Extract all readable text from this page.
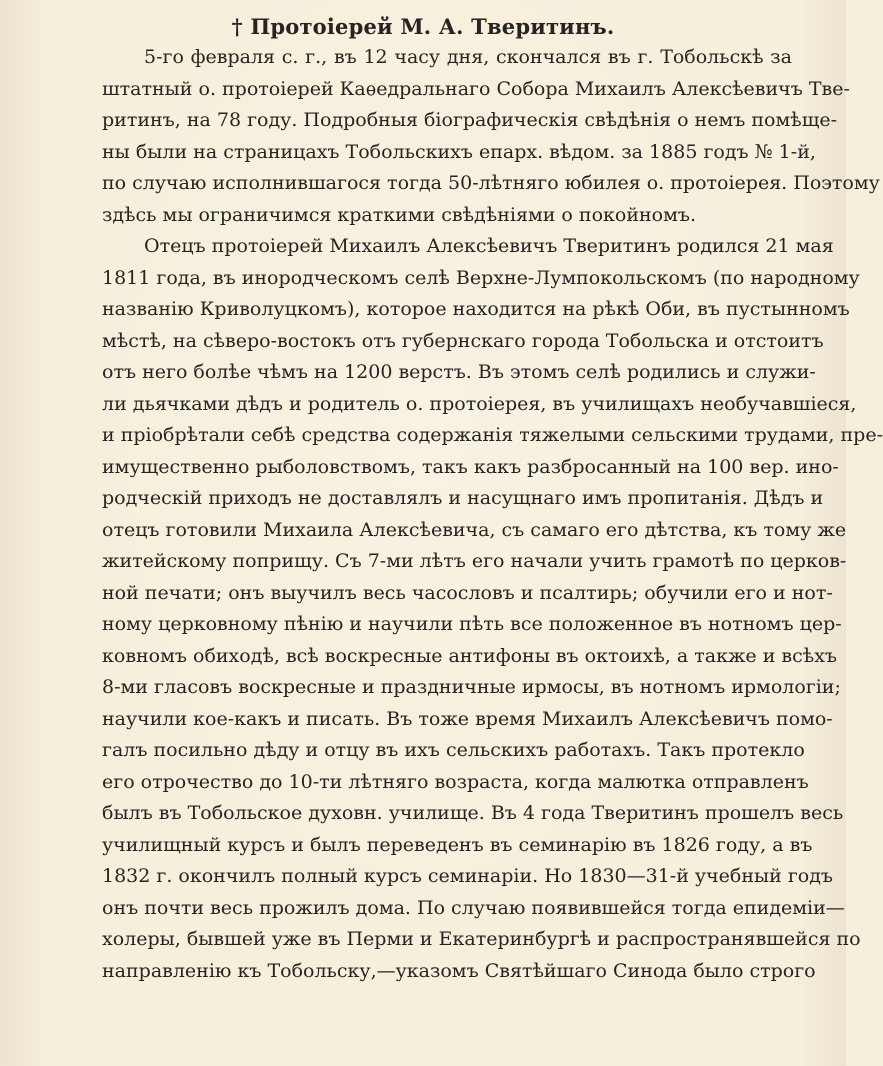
† Протоіерей М. А. Тверитинъ.
5-го февраля с. г., въ 12 часу дня, скончался въ г. Тобольскѣ за
штатный о. протоіерей Каѳедральнаго Собора Михаилъ Алексѣевичъ Тве-
ритинъ, на 78 году. Подробныя біографическія свѣдѣнія о немъ помѣще-
ны были на страницахъ Тобольскихъ епарх. вѣдом. за 1885 годъ № 1-й,
по случаю исполнившагося тогда 50-лѣтняго юбилея о. протоіерея. Поэтому
здѣсь мы ограничимся краткими свѣдѣніями о покойномъ.
Отецъ протоіерей Михаилъ Алексѣевичъ Тверитинъ родился 21 мая
1811 года, въ инородческомъ селѣ Верхне-Лумпокольскомъ (по народному
названію Криволуцкомъ), которое находится на рѣкѣ Оби, въ пустынномъ
мѣстѣ, на сѣверо-востокъ отъ губернскаго города Тобольска и отстоитъ
отъ него болѣе чѣмъ на 1200 верстъ. Въ этомъ селѣ родились и служи-
ли дьячками дѣдъ и родитель о. протоіерея, въ училищахъ необучавшіеся,
и пріобрѣтали себѣ средства содержанія тяжелыми сельскими трудами, пре-
имущественно рыболовствомъ, такъ какъ разбросанный на 100 вер. ино-
родческій приходъ не доставлялъ и насущнаго имъ пропитанія. Дѣдъ и
отецъ готовили Михаила Алексѣевича, съ самаго его дѣтства, къ тому же
житейскому поприщу. Съ 7-ми лѣтъ его начали учить грамотѣ по церков-
ной печати; онъ выучилъ весь часословъ и псалтирь; обучили его и нот-
ному церковному пѣнію и научили пѣть все положенное въ нотномъ цер-
ковномъ обиходѣ, всѣ воскресные антифоны въ октоихѣ, а также и всѣхъ
8-ми гласовъ воскресные и праздничные ирмосы, въ нотномъ ирмологіи;
научили кое-какъ и писать. Въ тоже время Михаилъ Алексѣевичъ помо-
галъ посильно дѣду и отцу въ ихъ сельскихъ работахъ. Такъ протекло
его отрочество до 10-ти лѣтняго возраста, когда малютка отправленъ
былъ въ Тобольское духовн. училище. Въ 4 года Тверитинъ прошелъ весь
училищный курсъ и былъ переведенъ въ семинарію въ 1826 году, а въ
1832 г. окончилъ полный курсъ семинаріи. Но 1830—31-й учебный годъ
онъ почти весь прожилъ дома. По случаю появившейся тогда епидеміи—
холеры, бывшей уже въ Перми и Екатеринбургѣ и распространявшейся по
направленію къ Тобольску,—указомъ Святѣйшаго Синода было строго
